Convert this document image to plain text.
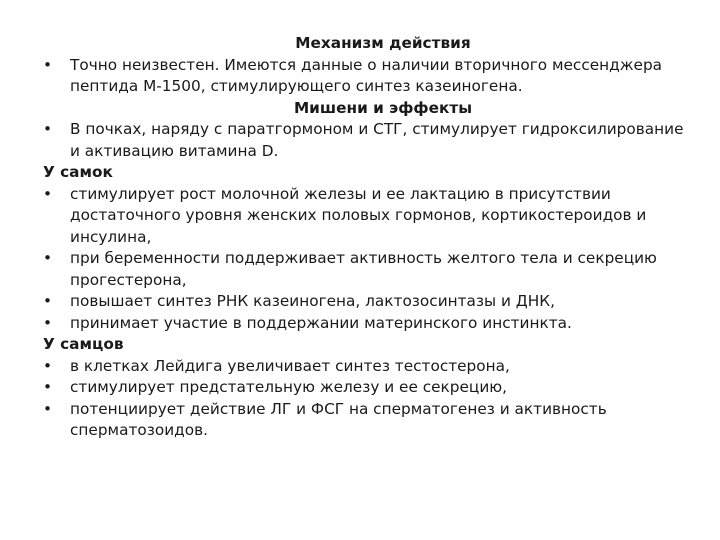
Механизм действия

•	Точно неизвестен. Имеются данные о наличии вторичного мессенджера пептида М-1500, стимулирующего синтез казеиногена.

Мишени и эффекты

•	В почках, наряду с паратгормоном и СТГ, стимулирует гидроксилирование и активацию витамина D.

У самок

•	стимулирует рост молочной железы и ее лактацию в присутствии достаточного уровня женских половых гормонов, кортикостероидов и инсулина,

•	при беременности поддерживает активность желтого тела и секрецию прогестерона,

•	повышает синтез РНК казеиногена, лактозосинтазы и ДНК,

•	принимает участие в поддержании материнского инстинкта.

У самцов

•	в клетках Лейдига увеличивает синтез тестостерона,

•	стимулирует предстательную железу и ее секрецию,

•	потенциирует действие ЛГ и ФСГ на сперматогенез и активность сперматозоидов.
